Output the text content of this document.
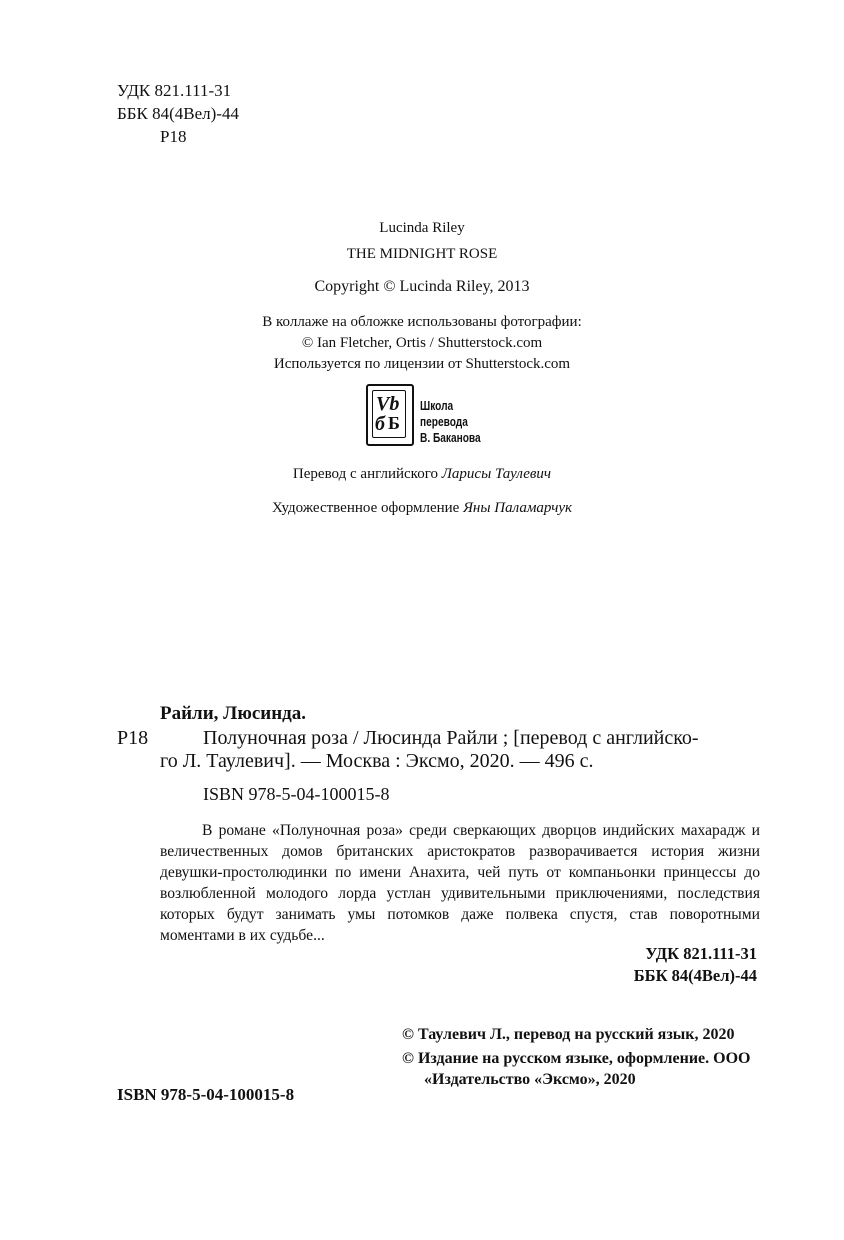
УДК 821.111-31
ББК 84(4Вел)-44
Р18
Lucinda Riley
THE MIDNIGHT ROSE
Copyright © Lucinda Riley, 2013
В коллаже на обложке использованы фотографии:
© Ian Fletcher, Ortis / Shutterstock.com
Используется по лицензии от Shutterstock.com
Vb
б Б
Школа перевода
В. Баканова
Перевод с английского Ларисы Таулевич
Художественное оформление Яны Паламарчук
Райли, Люсинда.
Р18	Полуночная роза / Люсинда Райли ; [перевод с английско-
го Л. Таулевич]. — Москва : Эксмо, 2020. — 496 с.
ISBN 978-5-04-100015-8

В романе «Полуночная роза» среди сверкающих дворцов индийских махарадж и величественных домов британских аристократов разворачивается история жизни девушки-простолюдинки по имени Анахита, чей путь от компаньонки принцессы до возлюбленной молодого лорда устлан удивительными приключениями, последствия которых будут занимать умы потомков даже полвека спустя, став поворотными моментами в их судьбе...

УДК 821.111-31
ББК 84(4Вел)-44
© Таулевич Л., перевод на русский язык, 2020
© Издание на русском языке, оформление. ООО «Издательство «Эксмо», 2020
ISBN 978-5-04-100015-8
